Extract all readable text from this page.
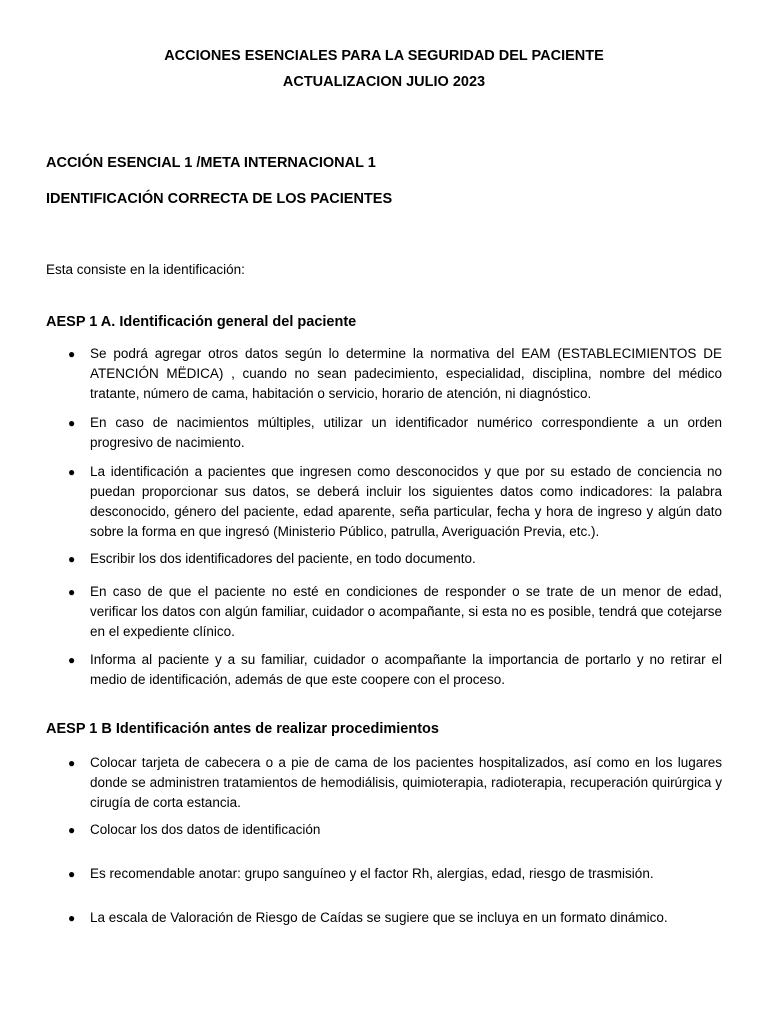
ACCIONES ESENCIALES PARA LA SEGURIDAD DEL PACIENTE
ACTUALIZACION JULIO 2023
ACCIÓN ESENCIAL 1 /META INTERNACIONAL 1
IDENTIFICACIÓN CORRECTA DE LOS PACIENTES

Esta consiste en la identificación:

AESP 1 A. Identificación general del paciente
● Se podrá agregar otros datos según lo determine la normativa del EAM (ESTABLECIMIENTOS DE ATENCIÓN MËDICA) , cuando no sean padecimiento, especialidad, disciplina, nombre del médico tratante, número de cama, habitación o servicio, horario de atención, ni diagnóstico.
● En caso de nacimientos múltiples, utilizar un identificador numérico correspondiente a un orden progresivo de nacimiento.
● La identificación a pacientes que ingresen como desconocidos y que por su estado de conciencia no puedan proporcionar sus datos, se deberá incluir los siguientes datos como indicadores: la palabra desconocido, género del paciente, edad aparente, seña particular, fecha y hora de ingreso y algún dato sobre la forma en que ingresó (Ministerio Público, patrulla, Averiguación Previa, etc.).
● Escribir los dos identificadores del paciente, en todo documento.
● En caso de que el paciente no esté en condiciones de responder o se trate de un menor de edad, verificar los datos con algún familiar, cuidador o acompañante, si esta no es posible, tendrá que cotejarse en el expediente clínico.
● Informa al paciente y a su familiar, cuidador o acompañante la importancia de portarlo y no retirar el medio de identificación, además de que este coopere con el proceso.
AESP 1 B Identificación antes de realizar procedimientos
● Colocar tarjeta de cabecera o a pie de cama de los pacientes hospitalizados, así como en los lugares donde se administren tratamientos de hemodiálisis, quimioterapia, radioterapia, recuperación quirúrgica y cirugía de corta estancia.
● Colocar los dos datos de identificación
● Es recomendable anotar: grupo sanguíneo y el factor Rh, alergias, edad, riesgo de trasmisión.
● La escala de Valoración de Riesgo de Caídas se sugiere que se incluya en un formato dinámico.
